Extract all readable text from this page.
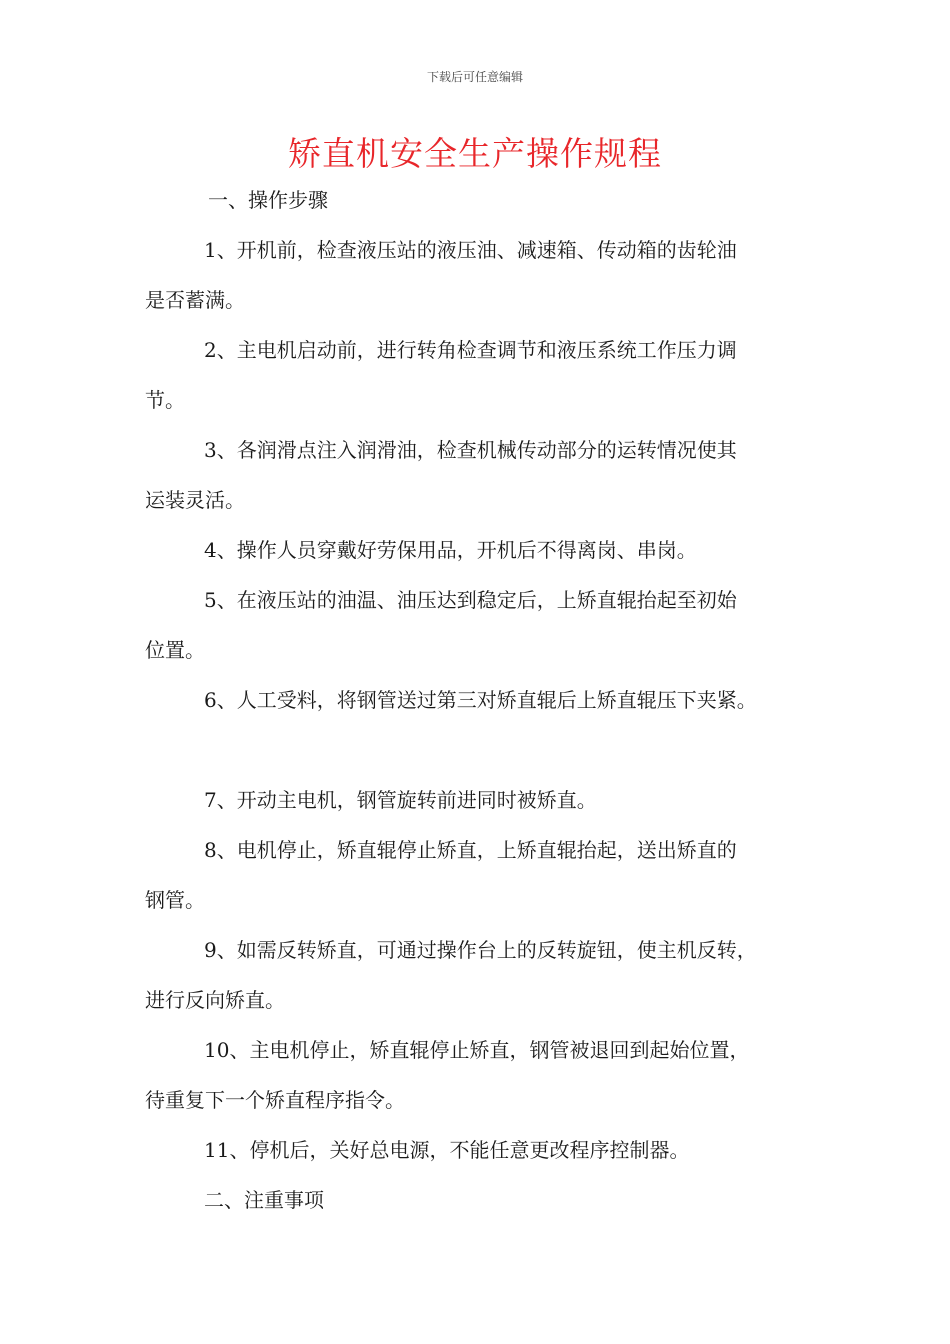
下载后可任意编辑
矫直机安全生产操作规程
一、操作步骤
1、开机前，检查液压站的液压油、减速箱、传动箱的齿轮油
是否蓄满。
2、主电机启动前，进行转角检查调节和液压系统工作压力调
节。
3、各润滑点注入润滑油，检查机械传动部分的运转情况使其
运装灵活。
4、操作人员穿戴好劳保用品，开机后不得离岗、串岗。
5、在液压站的油温、油压达到稳定后，上矫直辊抬起至初始
位置。
6、人工受料，将钢管送过第三对矫直辊后上矫直辊压下夹紧。
7、开动主电机，钢管旋转前进同时被矫直。
8、电机停止，矫直辊停止矫直，上矫直辊抬起，送出矫直的
钢管。
9、如需反转矫直，可通过操作台上的反转旋钮，使主机反转，
进行反向矫直。
10、主电机停止，矫直辊停止矫直，钢管被退回到起始位置，
待重复下一个矫直程序指令。
11、停机后，关好总电源，不能任意更改程序控制器。
二、注重事项
